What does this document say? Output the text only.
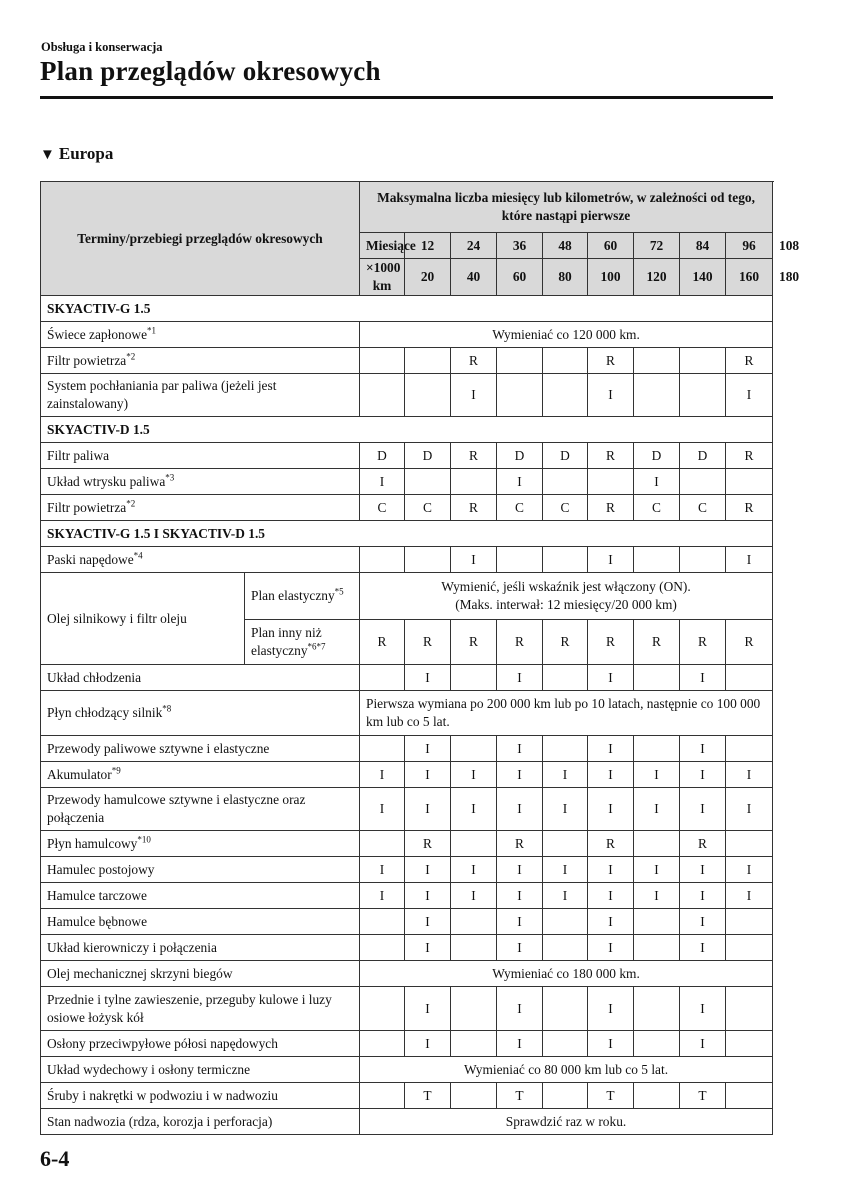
Obsługa i konserwacja
Plan przeglądów okresowych
▼ Europa
Terminy/przebiegi przeglądów okresowych		Maksymalna liczba miesięcy lub kilometrów, w zależności od tego, które nastąpi pierwsze									
		Miesiące	12	24	36	48	60	72	84	96	108
		×1000 km	20	40	60	80	100	120	140	160	180
SKYACTIV-G 1.5											
Świece zapłonowe$^{*1}$		Wymieniać co 120 000 km.									
Filtr powietrza$^{*2}$				R			R			R	
System pochłaniania par paliwa (jeżeli jest zainstalowany)				I			I			I	
SKYACTIV-D 1.5											
Filtr paliwa		D	D	R	D	D	R	D	D	R	
Układ wtrysku paliwa$^{*3}$		I			I			I			
Filtr powietrza$^{*2}$		C	C	R	C	C	R	C	C	R	
SKYACTIV-G 1.5 I SKYACTIV-D 1.5											
Paski napędowe$^{*4}$				I			I			I	
Olej silnikowy i filtr oleju	Plan elastyczny$^{*5}$	Wymienić, jeśli wskaźnik jest włączony (ON).
(Maks. interwał: 12 miesięcy/20 000 km)									

	Plan inny niż elastyczny$^{*6*7}$	R	R	R	R	R	R	R	R	R	
Układ chłodzenia			I		I		I		I		
Płyn chłodzący silnik$^{*8}$		Pierwsza wymiana po 200 000 km lub po 10 latach, następnie co 100 000 km lub co 5 lat.									
Przewody paliwowe sztywne i elastyczne			I		I		I		I		
Akumulator$^{*9}$		I	I	I	I	I	I	I	I	I	
Przewody hamulcowe sztywne i elastyczne oraz połączenia		I	I	I	I	I	I	I	I	I	
Płyn hamulcowy$^{*10}$			R		R		R		R		
Hamulec postojowy		I	I	I	I	I	I	I	I	I	
Hamulce tarczowe		I	I	I	I	I	I	I	I	I	
Hamulce bębnowe			I		I		I		I		
Układ kierowniczy i połączenia			I		I		I		I		
Olej mechanicznej skrzyni biegów		Wymieniać co 180 000 km.									
Przednie i tylne zawieszenie, przeguby kulowe i luzy osiowe łożysk kół			I		I		I		I		
Osłony przeciwpyłowe półosi napędowych			I		I		I		I		
Układ wydechowy i osłony termiczne		Wymieniać co 80 000 km lub co 5 lat.									
Śruby i nakrętki w podwoziu i w nadwoziu			T		T		T		T		
Stan nadwozia (rdza, korozja i perforacja)		Sprawdzić raz w roku.									
6-4
